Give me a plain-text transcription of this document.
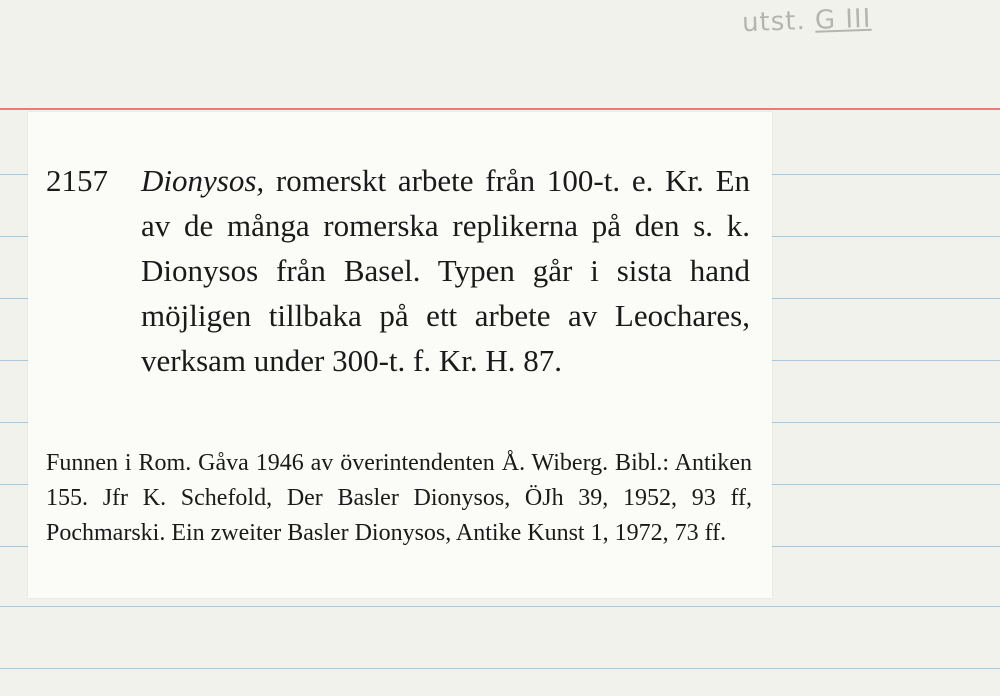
utst. G III
2157	Dionysos, romerskt arbete från 100-t. e. Kr. En av de många romerska replikerna på den s. k. Dionysos från Basel. Typen går i sista hand möjligen tillbaka på ett arbete av Leochares, verksam under 300-t. f. Kr. H. 87.
Funnen i Rom. Gåva 1946 av överintendenten Å. Wiberg. Bibl.: Antiken 155. Jfr K. Schefold, Der Basler Dionysos, ÖJh 39, 1952, 93 ff, Pochmarski. Ein zweiter Basler Dionysos, Antike Kunst 1, 1972, 73 ff.
